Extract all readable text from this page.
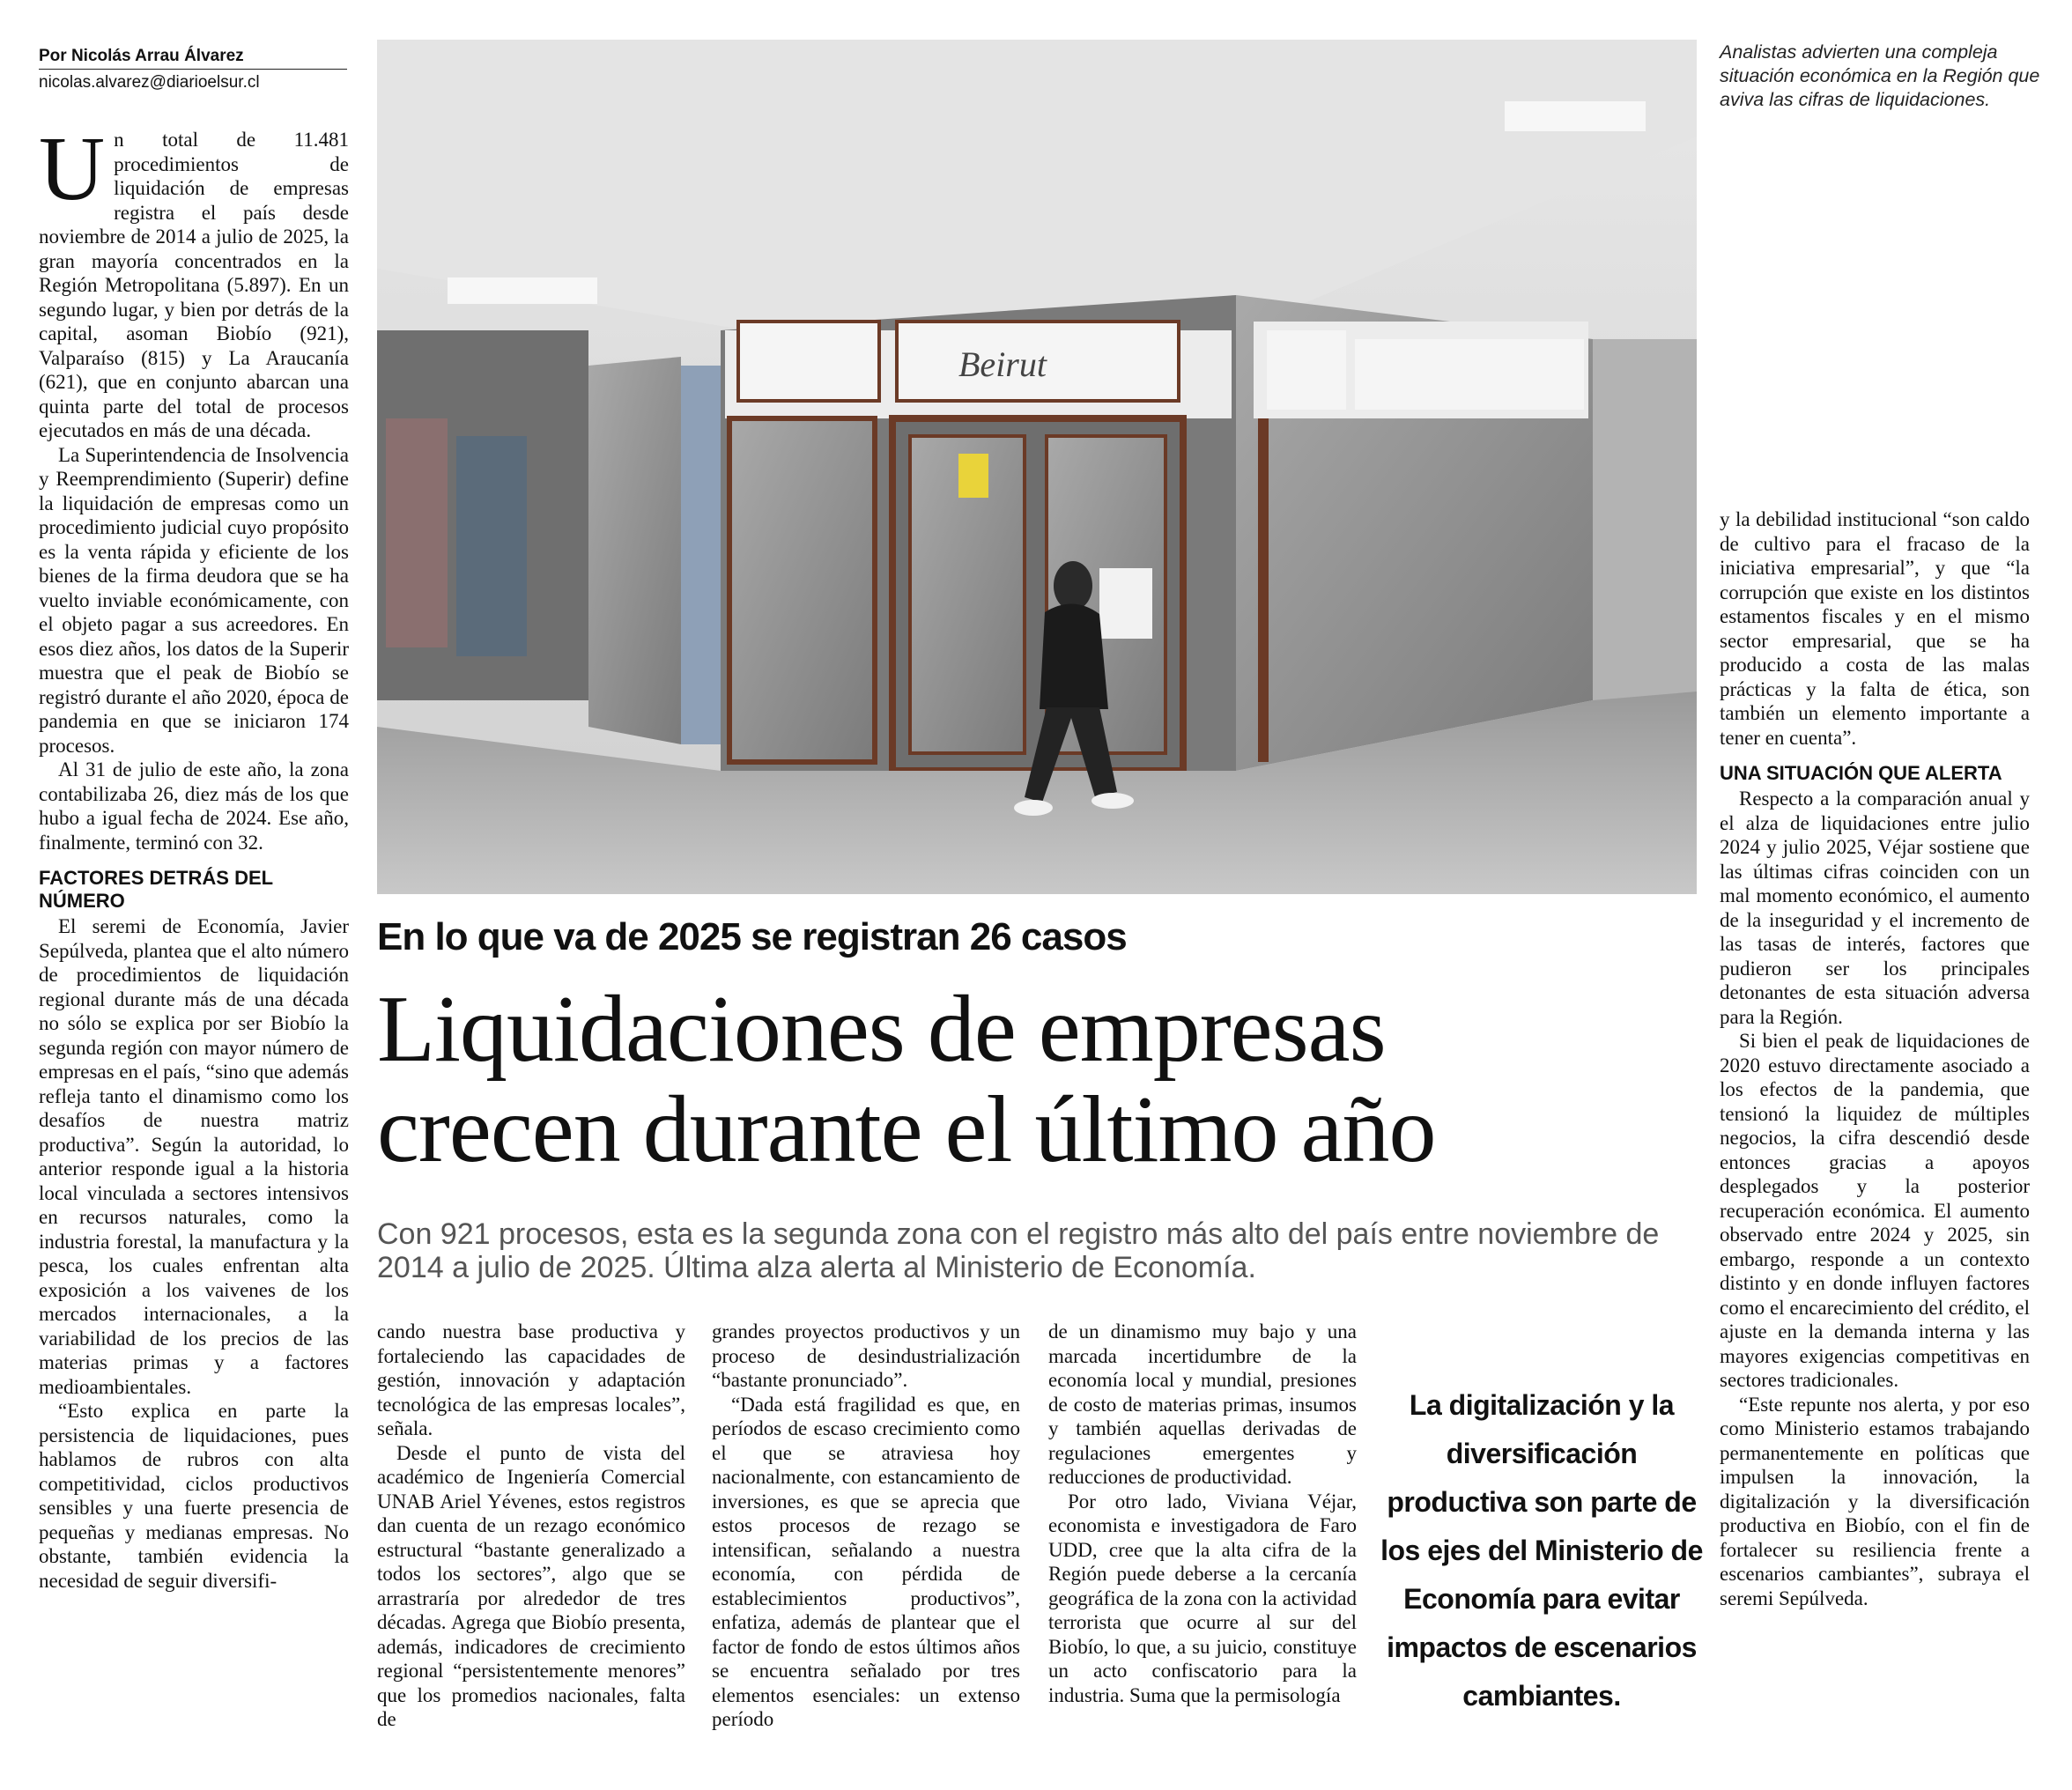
Por Nicolás Arrau Álvarez
nicolas.alvarez@diarioelsur.cl

Un total de 11.481 procedimientos de liquidación de empresas registra el país desde noviembre de 2014 a julio de 2025, la gran mayoría concentrados en la Región Metropolitana (5.897). En un segundo lugar, y bien por detrás de la capital, asoman Biobío (921), Valparaíso (815) y La Araucanía (621), que en conjunto abarcan una quinta parte del total de procesos ejecutados en más de una década.

La Superintendencia de Insolvencia y Reemprendimiento (Superir) define la liquidación de empresas como un procedimiento judicial cuyo propósito es la venta rápida y eficiente de los bienes de la firma deudora que se ha vuelto inviable económicamente, con el objeto pagar a sus acreedores. En esos diez años, los datos de la Superir muestra que el peak de Biobío se registró durante el año 2020, época de pandemia en que se iniciaron 174 procesos.

Al 31 de julio de este año, la zona contabilizaba 26, diez más de los que hubo a igual fecha de 2024. Ese año, finalmente, terminó con 32.

FACTORES DETRÁS DEL NÚMERO

El seremi de Economía, Javier Sepúlveda, plantea que el alto número de procedimientos de liquidación regional durante más de una década no sólo se explica por ser Biobío la segunda región con mayor número de empresas en el país, “sino que además refleja tanto el dinamismo como los desafíos de nuestra matriz productiva”. Según la autoridad, lo anterior responde igual a la historia local vinculada a sectores intensivos en recursos naturales, como la industria forestal, la manufactura y la pesca, los cuales enfrentan alta exposición a los vaivenes de los mercados internacionales, a la variabilidad de los precios de las materias primas y a factores medioambientales.

“Esto explica en parte la persistencia de liquidaciones, pues hablamos de rubros con alta competitividad, ciclos productivos sensibles y una fuerte presencia de pequeñas y medianas empresas. No obstante, también evidencia la necesidad de seguir diversifi-

Beirut
Analistas advierten una compleja situación económica en la Región que aviva las cifras de liquidaciones.
En lo que va de 2025 se registran 26 casos
Liquidaciones de empresas
crecen durante el último año
Con 921 procesos, esta es la segunda zona con el registro más alto del país entre noviembre de 2014 a julio de 2025. Última alza alerta al Ministerio de Economía.

cando nuestra base productiva y fortaleciendo las capacidades de gestión, innovación y adaptación tecnológica de las empresas locales”, señala.

Desde el punto de vista del académico de Ingeniería Comercial UNAB Ariel Yévenes, estos registros dan cuenta de un rezago económico estructural “bastante generalizado a todos los sectores”, algo que se arrastraría por alrededor de tres décadas. Agrega que Biobío presenta, además, indicadores de crecimiento regional “persistentemente menores” que los promedios nacionales, falta de

grandes proyectos productivos y un proceso de desindustrialización “bastante pronunciado”.

“Dada está fragilidad es que, en períodos de escaso crecimiento como el que se atraviesa hoy nacionalmente, con estancamiento de inversiones, es que se aprecia que estos procesos de rezago se intensifican, señalando a nuestra economía, con pérdida de establecimientos productivos”, enfatiza, además de plantear que el factor de fondo de estos últimos años se encuentra señalado por tres elementos esenciales: un extenso período

de un dinamismo muy bajo y una marcada incertidumbre de la economía local y mundial, presiones de costo de materias primas, insumos y también aquellas derivadas de regulaciones emergentes y reducciones de productividad.

Por otro lado, Viviana Véjar, economista e investigadora de Faro UDD, cree que la alta cifra de la Región puede deberse a la cercanía geográfica de la zona con la actividad terrorista que ocurre al sur del Biobío, lo que, a su juicio, constituye un acto confiscatorio para la industria. Suma que la permisología

La digitalización y la diversificación productiva son parte de los ejes del Ministerio de Economía para evitar impactos de escenarios cambiantes.

y la debilidad institucional “son caldo de cultivo para el fracaso de la iniciativa empresarial”, y que “la corrupción que existe en los distintos estamentos fiscales y en el mismo sector empresarial, que se ha producido a costa de las malas prácticas y la falta de ética, son también un elemento importante a tener en cuenta”.

UNA SITUACIÓN QUE ALERTA

Respecto a la comparación anual y el alza de liquidaciones entre julio 2024 y julio 2025, Véjar sostiene que las últimas cifras coinciden con un mal momento económico, el aumento de la inseguridad y el incremento de las tasas de interés, factores que pudieron ser los principales detonantes de esta situación adversa para la Región.

Si bien el peak de liquidaciones de 2020 estuvo directamente asociado a los efectos de la pandemia, que tensionó la liquidez de múltiples negocios, la cifra descendió desde entonces gracias a apoyos desplegados y la posterior recuperación económica. El aumento observado entre 2024 y 2025, sin embargo, responde a un contexto distinto y en donde influyen factores como el encarecimiento del crédito, el ajuste en la demanda interna y las mayores exigencias competitivas en sectores tradicionales.

“Este repunte nos alerta, y por eso como Ministerio estamos trabajando permanentemente en políticas que impulsen la innovación, la digitalización y la diversificación productiva en Biobío, con el fin de fortalecer su resiliencia frente a escenarios cambiantes”, subraya el seremi Sepúlveda.
